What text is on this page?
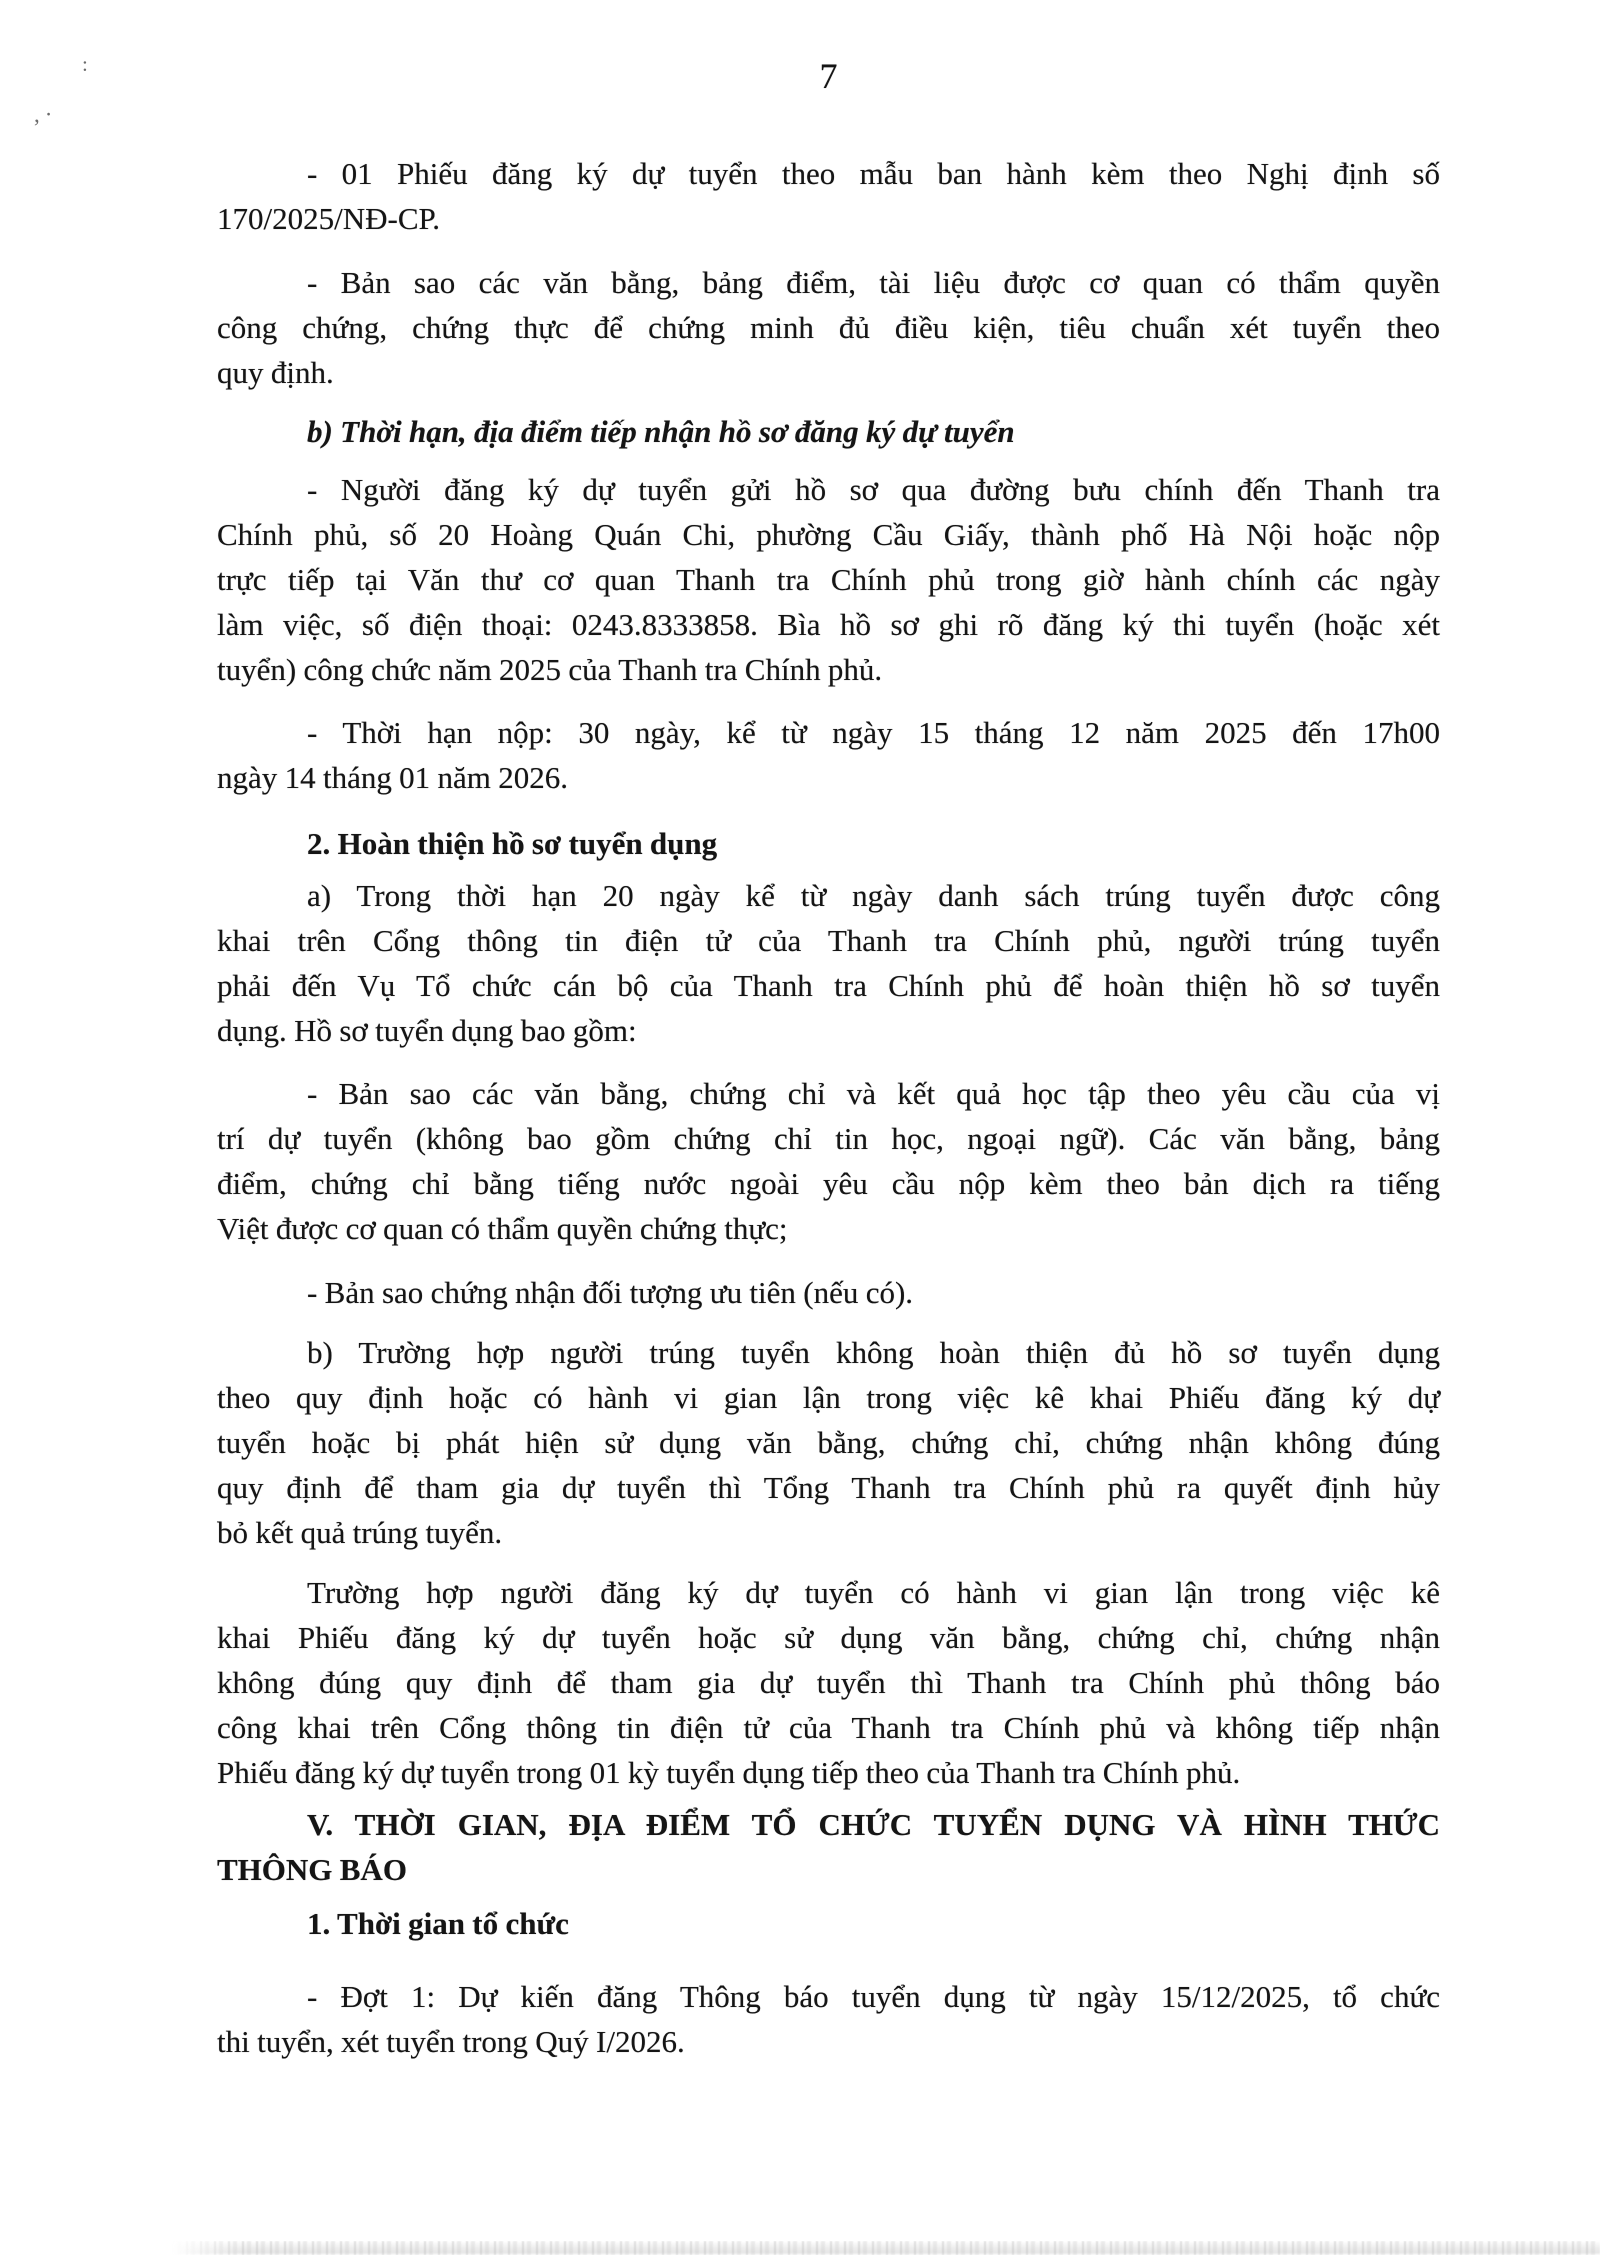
:
,·
7
- 01 Phiếu đăng ký dự tuyển theo mẫu ban hành kèm theo Nghị định số
170/2025/NĐ-CP.
- Bản sao các văn bằng, bảng điểm, tài liệu được cơ quan có thẩm quyền
công chứng, chứng thực để chứng minh đủ điều kiện, tiêu chuẩn xét tuyển theo
quy định.
b) Thời hạn, địa điểm tiếp nhận hồ sơ đăng ký dự tuyển
- Người đăng ký dự tuyển gửi hồ sơ qua đường bưu chính đến Thanh tra
Chính phủ, số 20 Hoàng Quán Chi, phường Cầu Giấy, thành phố Hà Nội hoặc nộp
trực tiếp tại Văn thư cơ quan Thanh tra Chính phủ trong giờ hành chính các ngày
làm việc, số điện thoại: 0243.8333858. Bìa hồ sơ ghi rõ đăng ký thi tuyển (hoặc xét
tuyển) công chức năm 2025 của Thanh tra Chính phủ.
- Thời hạn nộp: 30 ngày, kể từ ngày 15 tháng 12 năm 2025 đến 17h00
ngày 14 tháng 01 năm 2026.
2. Hoàn thiện hồ sơ tuyển dụng
a) Trong thời hạn 20 ngày kể từ ngày danh sách trúng tuyển được công
khai trên Cổng thông tin điện tử của Thanh tra Chính phủ, người trúng tuyển
phải đến Vụ Tổ chức cán bộ của Thanh tra Chính phủ để hoàn thiện hồ sơ tuyển
dụng. Hồ sơ tuyển dụng bao gồm:
- Bản sao các văn bằng, chứng chỉ và kết quả học tập theo yêu cầu của vị
trí dự tuyển (không bao gồm chứng chỉ tin học, ngoại ngữ). Các văn bằng, bảng
điểm, chứng chỉ bằng tiếng nước ngoài yêu cầu nộp kèm theo bản dịch ra tiếng
Việt được cơ quan có thẩm quyền chứng thực;
- Bản sao chứng nhận đối tượng ưu tiên (nếu có).
b) Trường hợp người trúng tuyển không hoàn thiện đủ hồ sơ tuyển dụng
theo quy định hoặc có hành vi gian lận trong việc kê khai Phiếu đăng ký dự
tuyển hoặc bị phát hiện sử dụng văn bằng, chứng chỉ, chứng nhận không đúng
quy định để tham gia dự tuyển thì Tổng Thanh tra Chính phủ ra quyết định hủy
bỏ kết quả trúng tuyển.
Trường hợp người đăng ký dự tuyển có hành vi gian lận trong việc kê
khai Phiếu đăng ký dự tuyển hoặc sử dụng văn bằng, chứng chỉ, chứng nhận
không đúng quy định để tham gia dự tuyển thì Thanh tra Chính phủ thông báo
công khai trên Cổng thông tin điện tử của Thanh tra Chính phủ và không tiếp nhận
Phiếu đăng ký dự tuyển trong 01 kỳ tuyển dụng tiếp theo của Thanh tra Chính phủ.
V. THỜI GIAN, ĐỊA ĐIỂM TỔ CHỨC TUYỂN DỤNG VÀ HÌNH THỨC
THÔNG BÁO
1. Thời gian tổ chức
- Đợt 1: Dự kiến đăng Thông báo tuyển dụng từ ngày 15/12/2025, tổ chức
thi tuyển, xét tuyển trong Quý I/2026.
